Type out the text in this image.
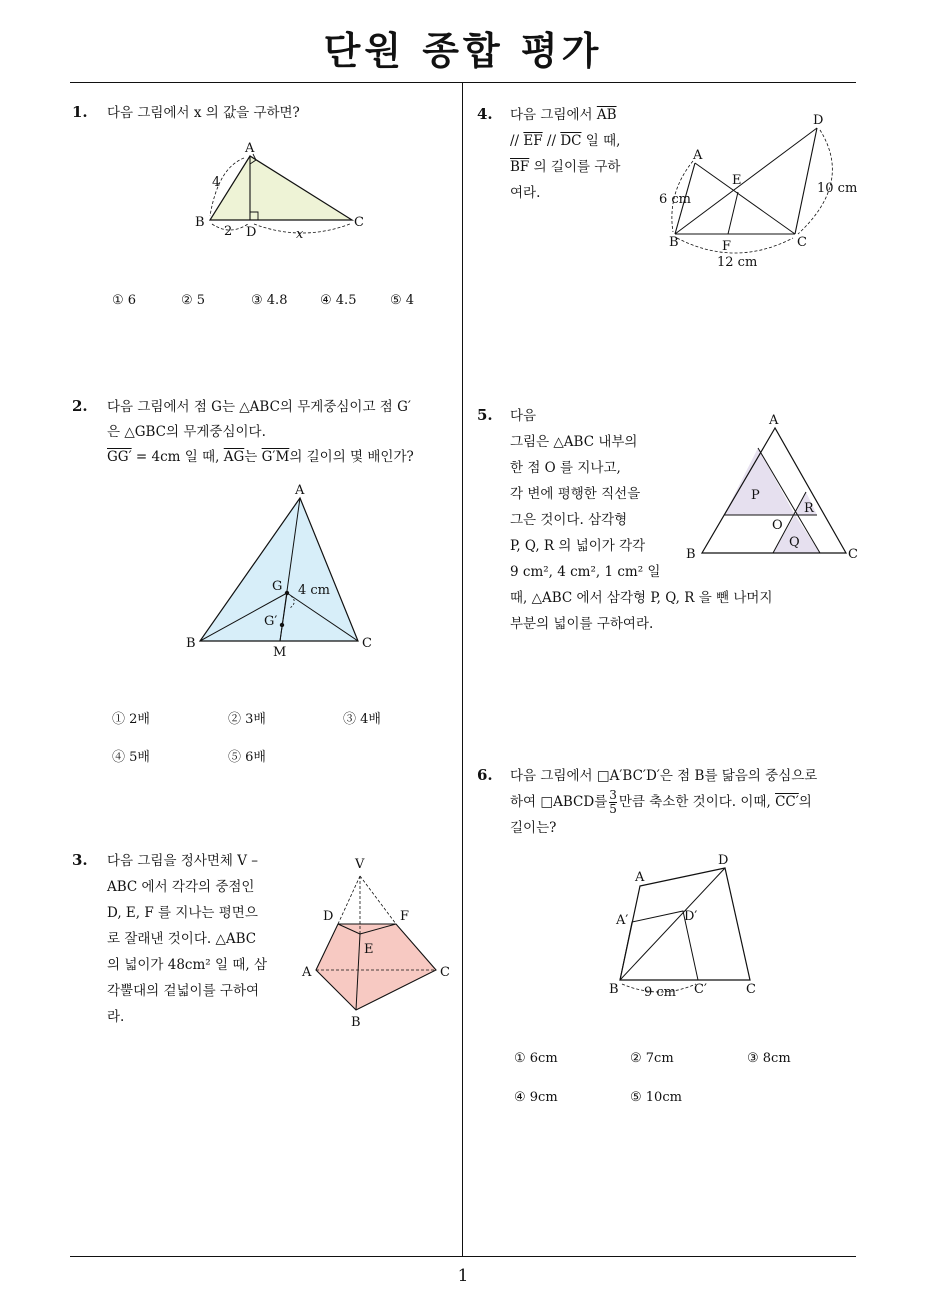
단원 종합 평가
1
1. 다음 그림에서 x 의 값을 구하면?
A
B	C
D
4
2	x
① 6	② 5	③ 4.8	④ 4.5	⑤ 4
2. 다음 그림에서 점 G는 △ABC의 무게중심이고 점 G′
은 △GBC의 무게중심이다.
GG′ = 4cm 일 때, $\overline{AG}$는 G′M의 길이의 몇 배인가?
A
B	C
G
G′
M
4 cm
① 2배	② 3배	③ 4배
④ 5배	⑤ 6배
3. 다음 그림을 정사면체 V –
ABC 에서 각각의 중점인
D, E, F 를 지나는 평면으
로 잘래낸 것이다. △ABC
의 넓이가 48cm² 일 때, 삼
각뿔대의 겉넓이를 구하여
라.
V
D	F
E
A	C
B
4. 다음 그림에서 $\overline{AB}$
// $\overline{EF} // \overline{DC}$ 일 때,
$\overline{BF}$ 의 길이를 구하
여라.
A
B	C
D
E
F
6 cm
10 cm
12 cm
5. 다음
그림은 △ABC 내부의
한 점 O 를 지나고,
각 변에 평행한 직선을
그은 것이다. 삼각형
P, Q, R 의 넓이가 각각
9 cm², 4 cm², 1 cm² 일
때, △ABC 에서 삼각형 P, Q, R 을 뺀 나머지
부분의 넓이를 구하여라.
A
B	C
P
Q
R
O
6. 다음 그림에서 □A′BC′D′은 점 B를 닮음의 중심으로
하여 □ABCD를 $\frac{3}{5}$ 만큼 축소한 것이다. 이때, CC′의
길이는?
A
D
A′	D′
B	C′	C
9 cm
① 6cm	② 7cm	③ 8cm
④ 9cm	⑤ 10cm
